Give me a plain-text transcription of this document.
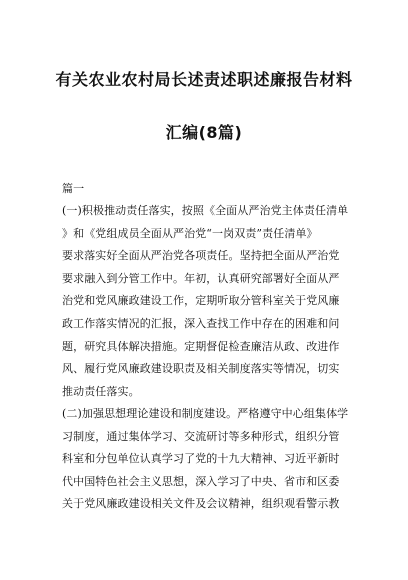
有关农业农村局长述责述职述廉报告材料
汇编(8篇)
篇一
(一)积极推动责任落实，按照《全面从严治党主体责任清单
》和《党组成员全面从严治党“一岗双责”责任清单》
要求落实好全面从严治党各项责任。坚持把全面从严治党
要求融入到分管工作中。年初，认真研究部署好全面从严
治党和党风廉政建设工作，定期听取分管科室关于党风廉
政工作落实情况的汇报，深入查找工作中存在的困难和问
题，研究具体解决措施。定期督促检查廉洁从政、改进作
风、履行党风廉政建设职责及相关制度落实等情况，切实
推动责任落实。
(二)加强思想理论建设和制度建设。严格遵守中心组集体学
习制度，通过集体学习、交流研讨等多种形式，组织分管
科室和分包单位认真学习了党的十九大精神、习近平新时
代中国特色社会主义思想，深入学习了中央、省市和区委
关于党风廉政建设相关文件及会议精神，组织观看警示教
